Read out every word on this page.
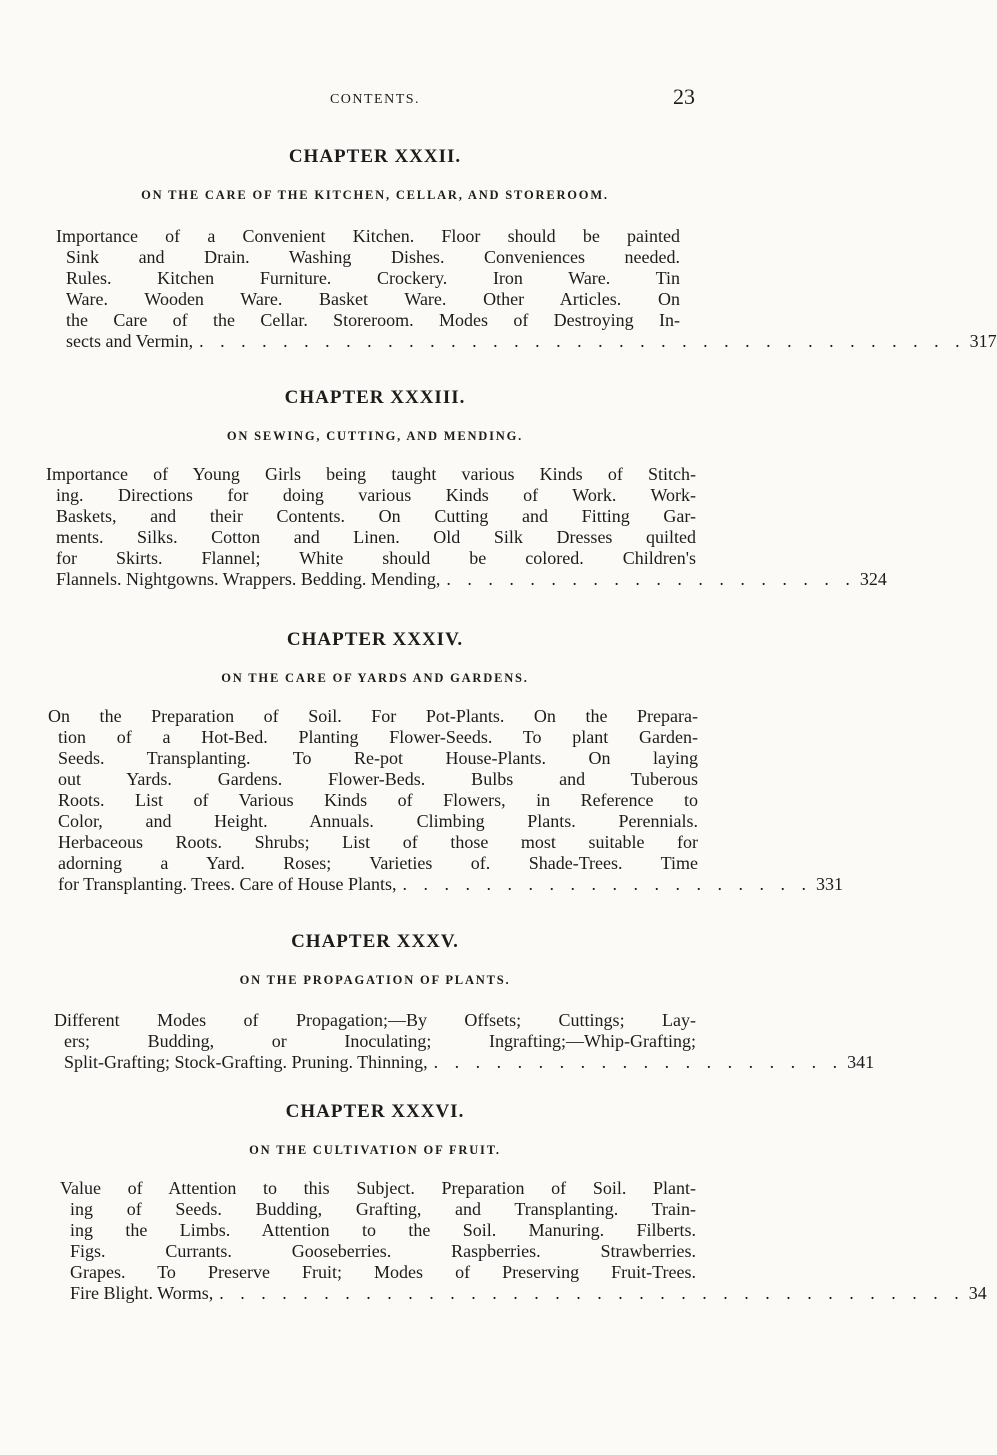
CONTENTS.	23
CHAPTER XXXII.
ON THE CARE OF THE KITCHEN, CELLAR, AND STOREROOM.
Importance of a Convenient Kitchen. Floor should be painted
Sink and Drain. Washing Dishes. Conveniences needed.
Rules. Kitchen Furniture. Crockery. Iron Ware. Tin
Ware. Wooden Ware. Basket Ware. Other Articles. On
the Care of the Cellar. Storeroom. Modes of Destroying In-
sects and Vermin, . . . . . . . . . . . . . . . . . . . . . . . . . . . . . . . . . . . . . 317
CHAPTER XXXIII.
ON SEWING, CUTTING, AND MENDING.
Importance of Young Girls being taught various Kinds of Stitch-
ing. Directions for doing various Kinds of Work. Work-
Baskets, and their Contents. On Cutting and Fitting Gar-
ments. Silks. Cotton and Linen. Old Silk Dresses quilted
for Skirts. Flannel; White should be colored. Children's
Flannels. Nightgowns. Wrappers. Bedding. Mending, . . . . . . . . . . . . . . . . . . . . 324
CHAPTER XXXIV.
ON THE CARE OF YARDS AND GARDENS.
On the Preparation of Soil. For Pot-Plants. On the Prepara-
tion of a Hot-Bed. Planting Flower-Seeds. To plant Garden-
Seeds. Transplanting. To Re-pot House-Plants. On laying
out Yards. Gardens. Flower-Beds. Bulbs and Tuberous
Roots. List of Various Kinds of Flowers, in Reference to
Color, and Height. Annuals. Climbing Plants. Perennials.
Herbaceous Roots. Shrubs; List of those most suitable for
adorning a Yard. Roses; Varieties of. Shade-Trees. Time
for Transplanting. Trees. Care of House Plants, . . . . . . . . . . . . . . . . . . . . 331
CHAPTER XXXV.
ON THE PROPAGATION OF PLANTS.
Different Modes of Propagation;—By Offsets; Cuttings; Lay-
ers; Budding, or Inoculating; Ingrafting;—Whip-Grafting;
Split-Grafting; Stock-Grafting. Pruning. Thinning, . . . . . . . . . . . . . . . . . . . . 341
CHAPTER XXXVI.
ON THE CULTIVATION OF FRUIT.
Value of Attention to this Subject. Preparation of Soil. Plant-
ing of Seeds. Budding, Grafting, and Transplanting. Train-
ing the Limbs. Attention to the Soil. Manuring. Filberts.
Figs. Currants. Gooseberries. Raspberries. Strawberries.
Grapes. To Preserve Fruit; Modes of Preserving Fruit-Trees.
Fire Blight. Worms, . . . . . . . . . . . . . . . . . . . . . . . . . . . . . . . . . . . . 34
